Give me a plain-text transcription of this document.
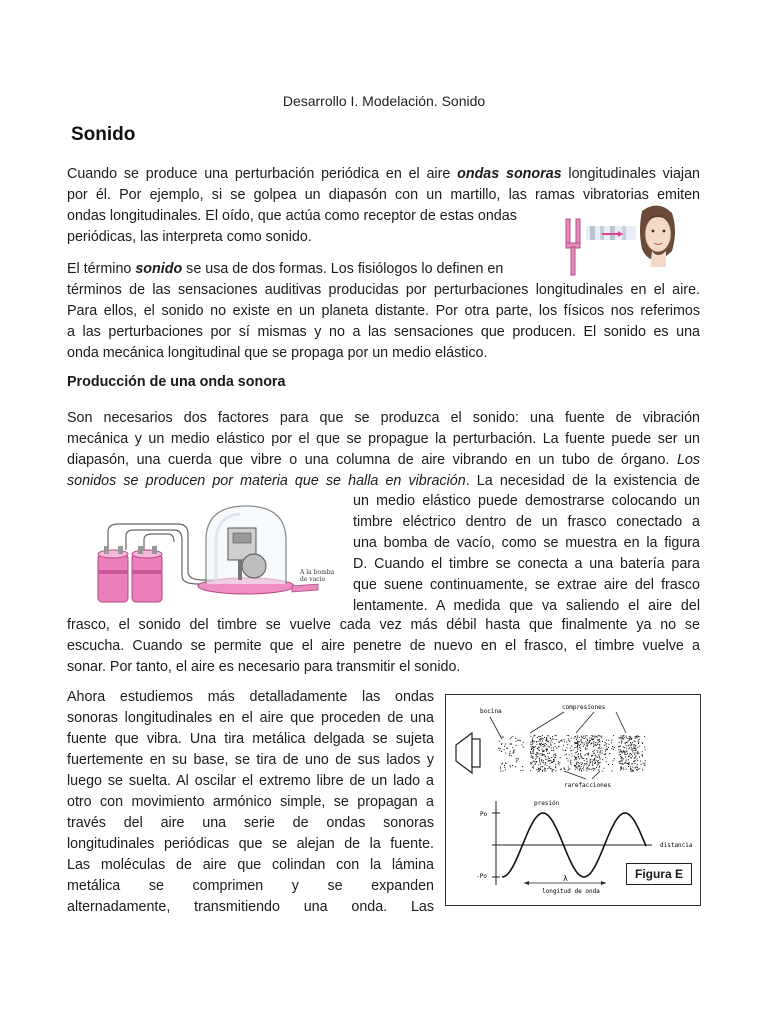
Desarrollo I. Modelación. Sonido
Sonido
Cuando se produce una perturbación periódica en el aire ondas sonoras longitudinales viajan
por él. Por ejemplo, si se golpea un diapasón con un martillo, las ramas vibratorias emiten
ondas longitudinales. El oído, que actúa como receptor de estas ondas
periódicas, las interpreta como sonido.
El término sonido se usa de dos formas. Los fisiólogos lo definen en
términos de las sensaciones auditivas producidas por perturbaciones longitudinales en el aire.
Para ellos, el sonido no existe en un planeta distante. Por otra parte, los físicos nos referimos
a las perturbaciones por sí mismas y no a las sensaciones que producen. El sonido es una
onda mecánica longitudinal que se propaga por un medio elástico.
Producción de una onda sonora
Son necesarios dos factores para que se produzca el sonido: una fuente de vibración
mecánica y un medio elástico por el que se propague la perturbación. La fuente puede ser un
diapasón, una cuerda que vibre o una columna de aire vibrando en un tubo de órgano. Los
sonidos se producen por materia que se halla en vibración. La necesidad de la existencia de
un medio elástico puede demostrarse colocando un
timbre eléctrico dentro de un frasco conectado a
una bomba de vacío, como se muestra en la figura
D. Cuando el timbre se conecta a una batería para
que suene continuamente, se extrae aire del frasco
lentamente. A medida que va saliendo el aire del
frasco, el sonido del timbre se vuelve cada vez más débil hasta que finalmente ya no se
escucha. Cuando se permite que el aire penetre de nuevo en el frasco, el timbre vuelve a
sonar. Por tanto, el aire es necesario para transmitir el sonido.
A la bomba
de vacío
Ahora estudiemos más detalladamente las ondas
sonoras longitudinales en el aire que proceden de una
fuente que vibra. Una tira metálica delgada se sujeta
fuertemente en su base, se tira de uno de sus lados y
luego se suelta. Al oscilar el extremo libre de un lado a
otro con movimiento armónico simple, se propagan a
través del aire una serie de ondas sonoras
longitudinales periódicas que se alejan de la fuente.
Las moléculas de aire que colindan con la lámina
metálica se comprimen y se expanden
alternadamente, transmitiendo una onda. Las
bocina
compresiones
rarefacciones
presión
Po
-Po
distancia
λ
longitud de onda
Figura E
